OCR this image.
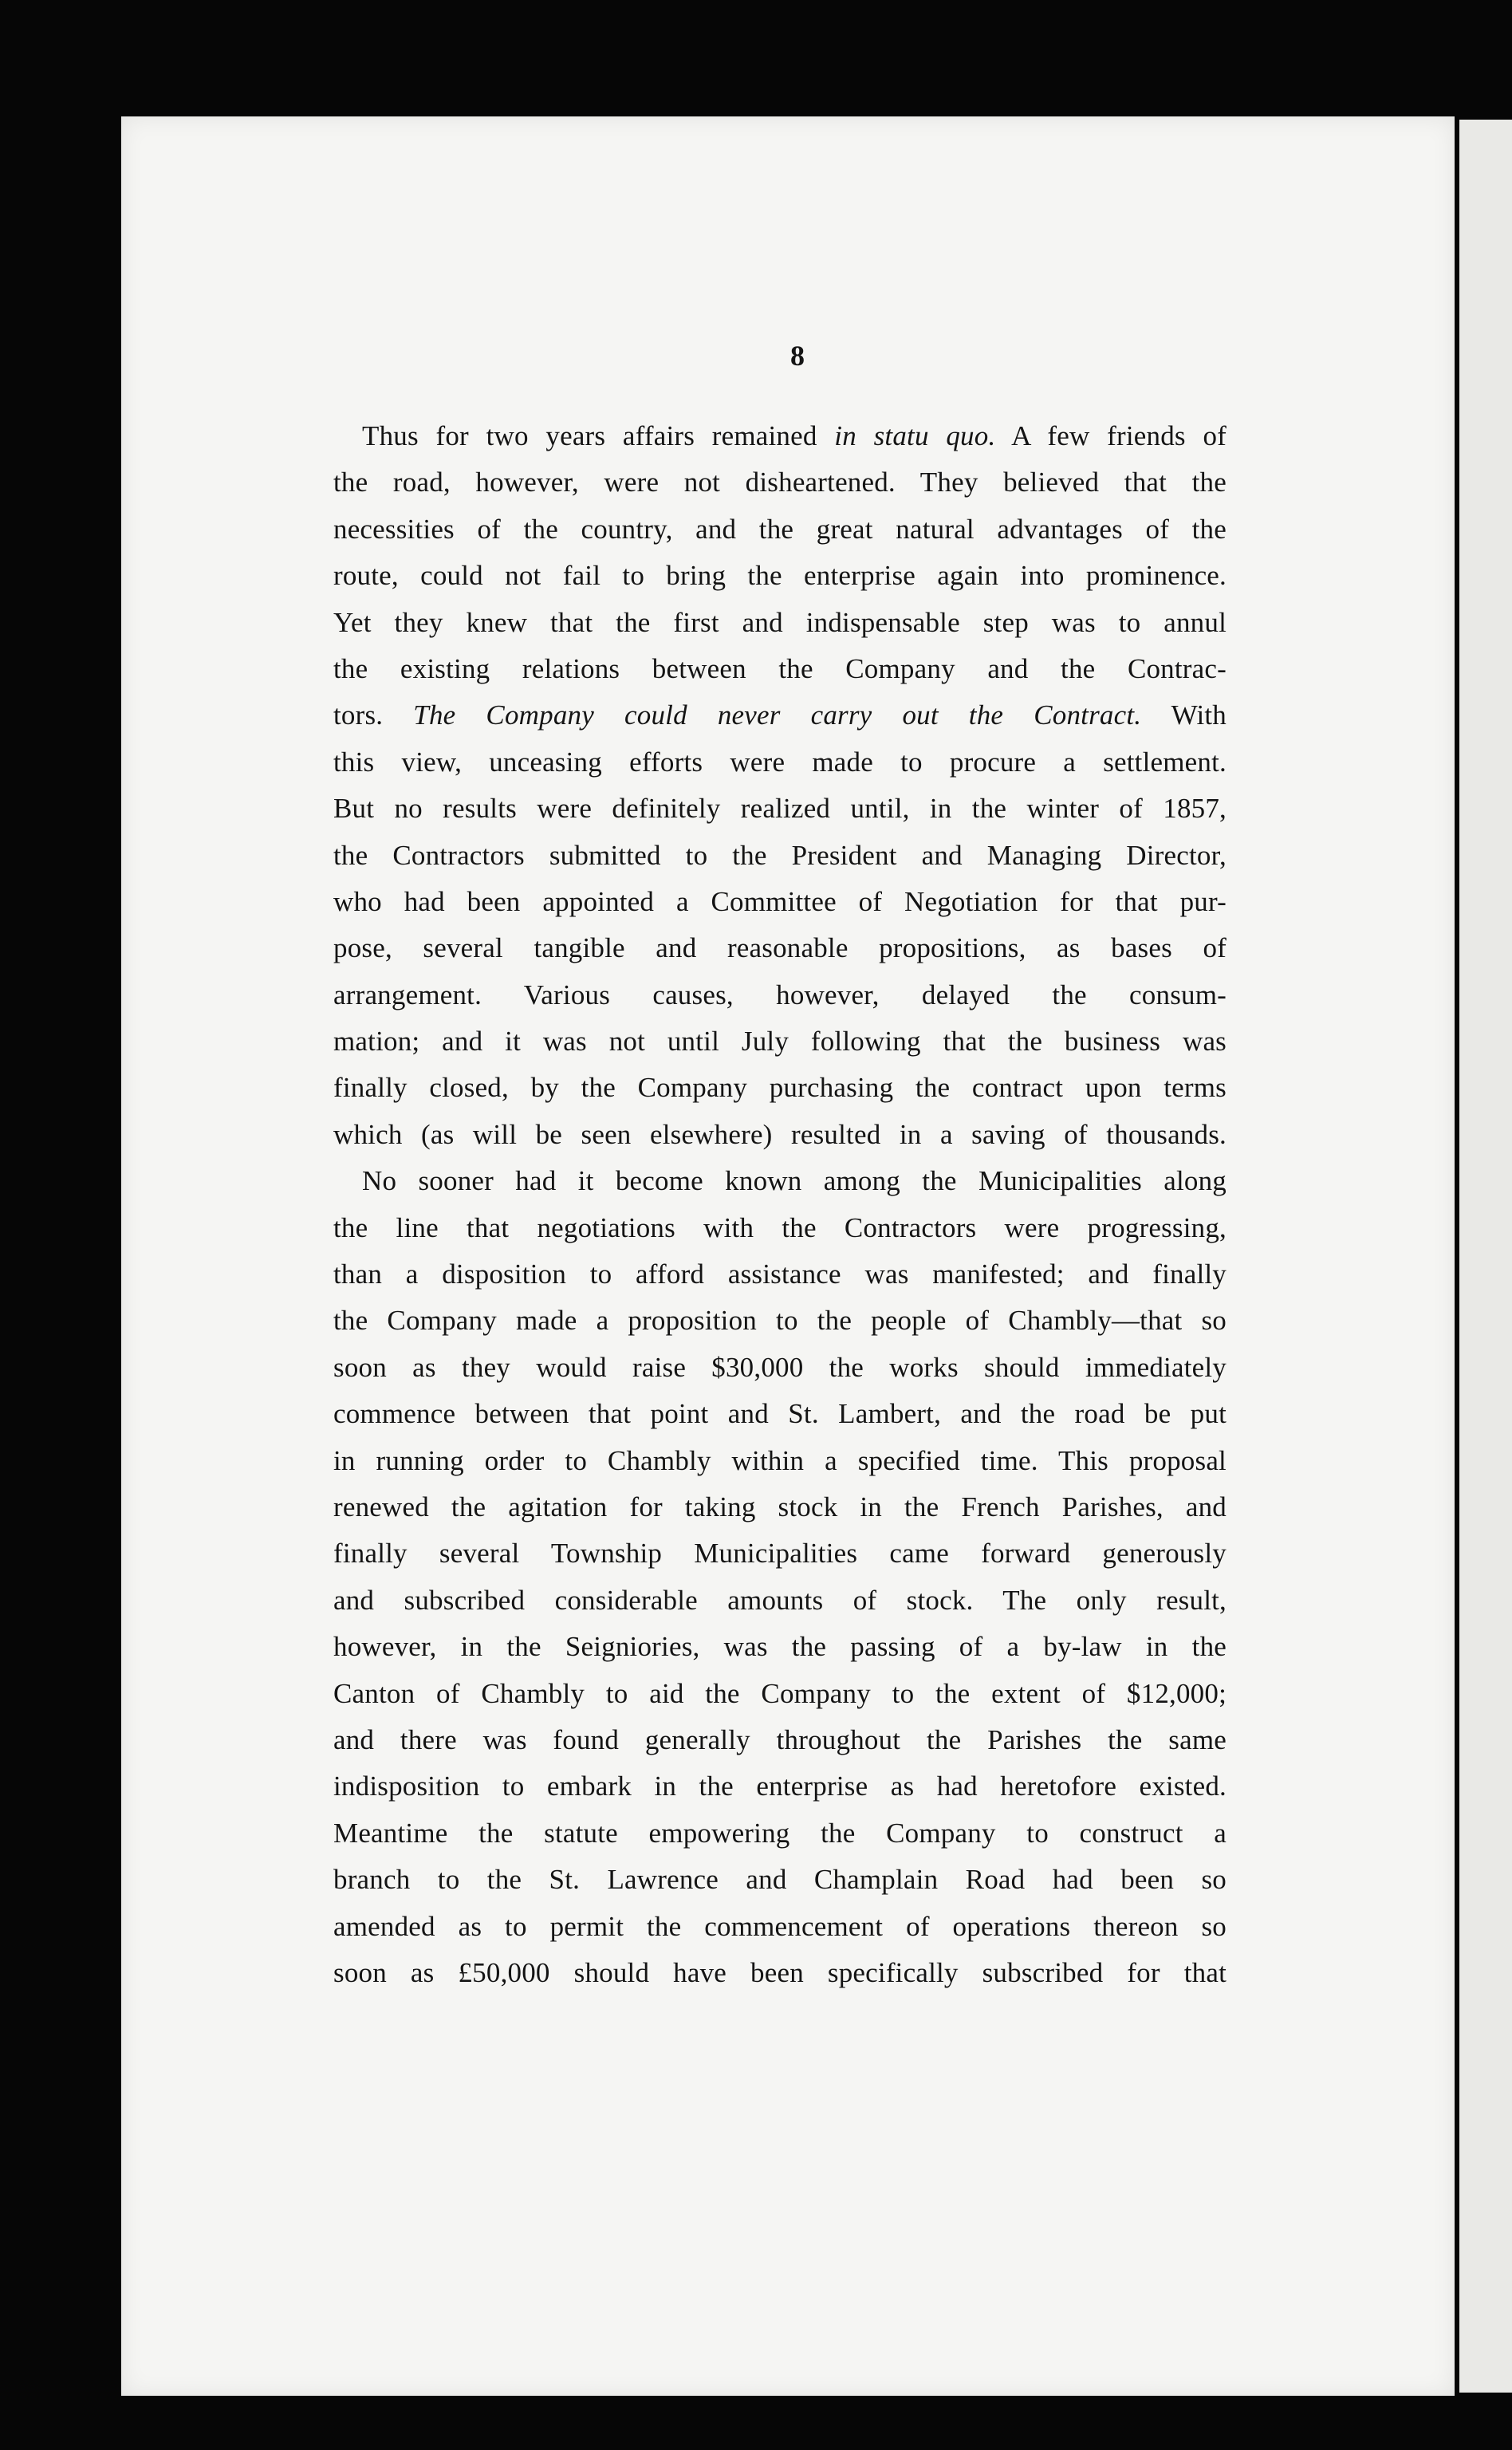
8
Thus for two years affairs remained in statu quo. A few friends of
the road, however, were not disheartened. They believed that the
necessities of the country, and the great natural advantages of the
route, could not fail to bring the enterprise again into prominence.
Yet they knew that the first and indispensable step was to annul
the existing relations between the Company and the Contrac-
tors. The Company could never carry out the Contract. With
this view, unceasing efforts were made to procure a settlement.
But no results were definitely realized until, in the winter of 1857,
the Contractors submitted to the President and Managing Director,
who had been appointed a Committee of Negotiation for that pur-
pose, several tangible and reasonable propositions, as bases of
arrangement. Various causes, however, delayed the consum-
mation; and it was not until July following that the business was
finally closed, by the Company purchasing the contract upon terms
which (as will be seen elsewhere) resulted in a saving of thousands.
No sooner had it become known among the Municipalities along
the line that negotiations with the Contractors were progressing,
than a disposition to afford assistance was manifested; and finally
the Company made a proposition to the people of Chambly—that so
soon as they would raise $30,000 the works should immediately
commence between that point and St. Lambert, and the road be put
in running order to Chambly within a specified time. This proposal
renewed the agitation for taking stock in the French Parishes, and
finally several Township Municipalities came forward generously
and subscribed considerable amounts of stock. The only result,
however, in the Seigniories, was the passing of a by-law in the
Canton of Chambly to aid the Company to the extent of $12,000;
and there was found generally throughout the Parishes the same
indisposition to embark in the enterprise as had heretofore existed.
Meantime the statute empowering the Company to construct a
branch to the St. Lawrence and Champlain Road had been so
amended as to permit the commencement of operations thereon so
soon as £50,000 should have been specifically subscribed for that
